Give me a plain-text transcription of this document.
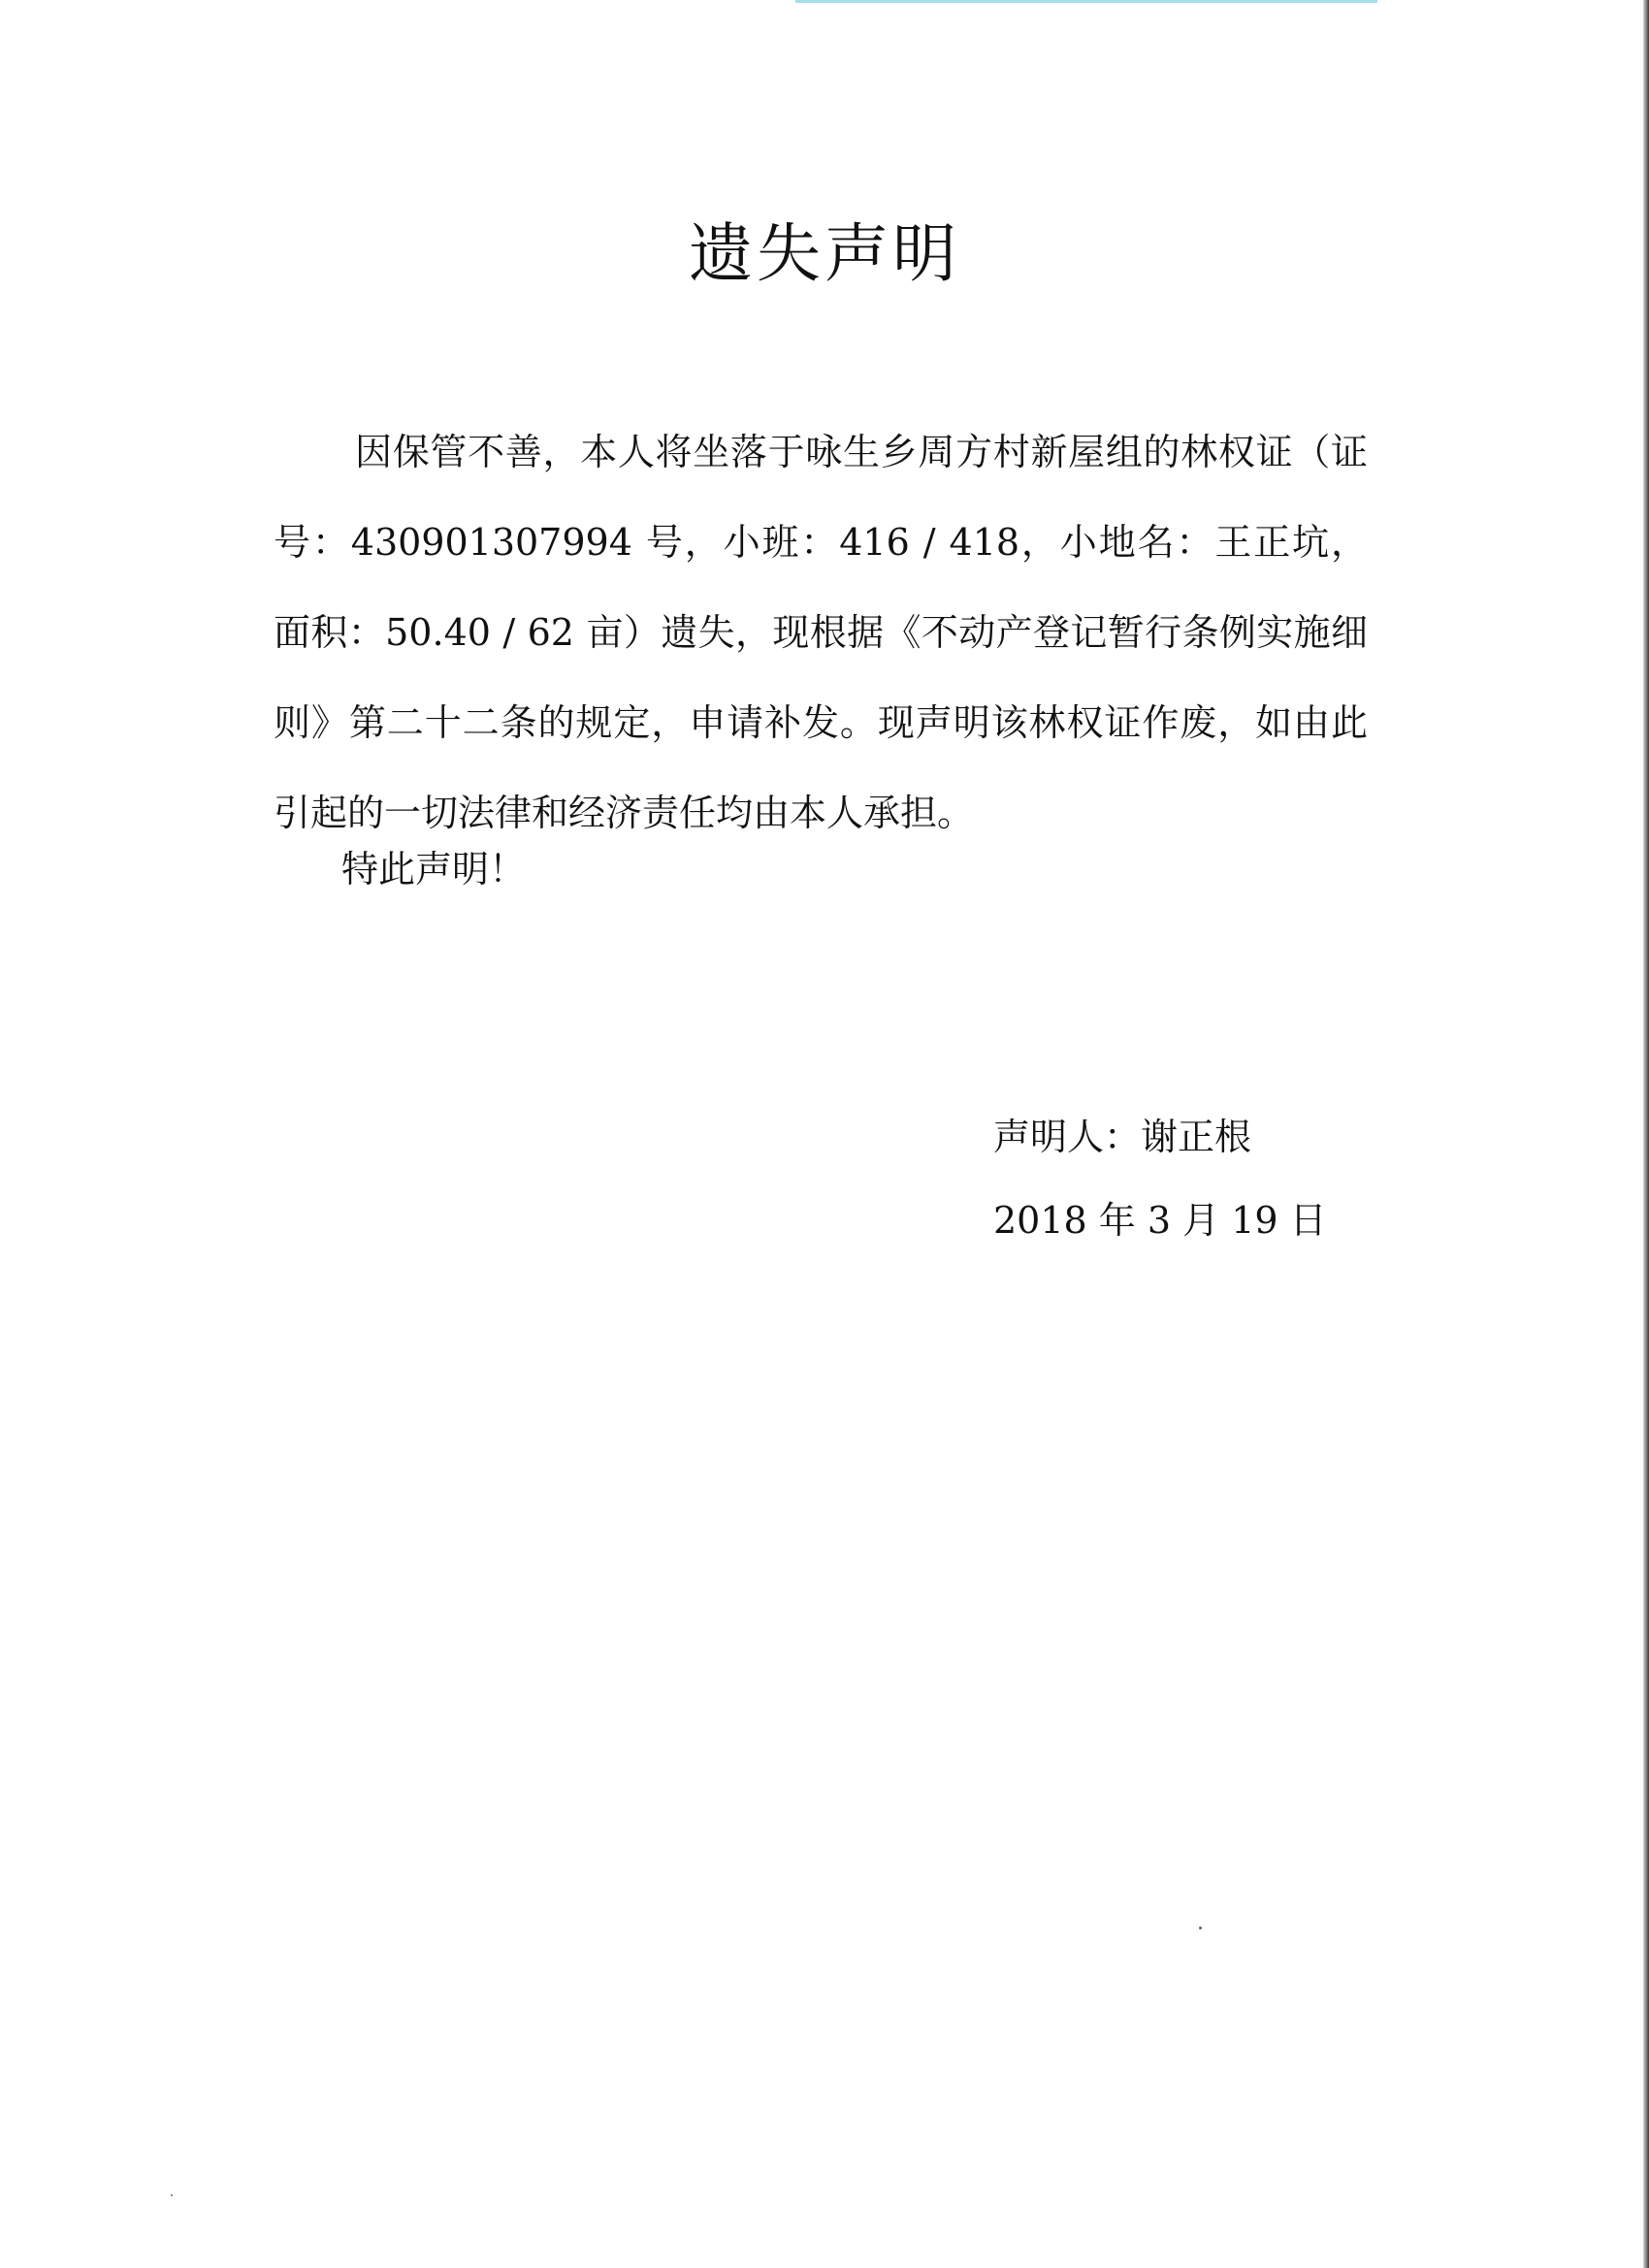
遗失声明

因保管不善，本人将坐落于咏生乡周方村新屋组的林权证（证号：430901307994 号，小班：416 / 418，小地名：王正坑，面积：50.40 / 62 亩）遗失，现根据《不动产登记暂行条例实施细则》第二十二条的规定，申请补发。现声明该林权证作废，如由此引起的一切法律和经济责任均由本人承担。

特此声明！

声明人：谢正根

2018 年 3 月 19 日
